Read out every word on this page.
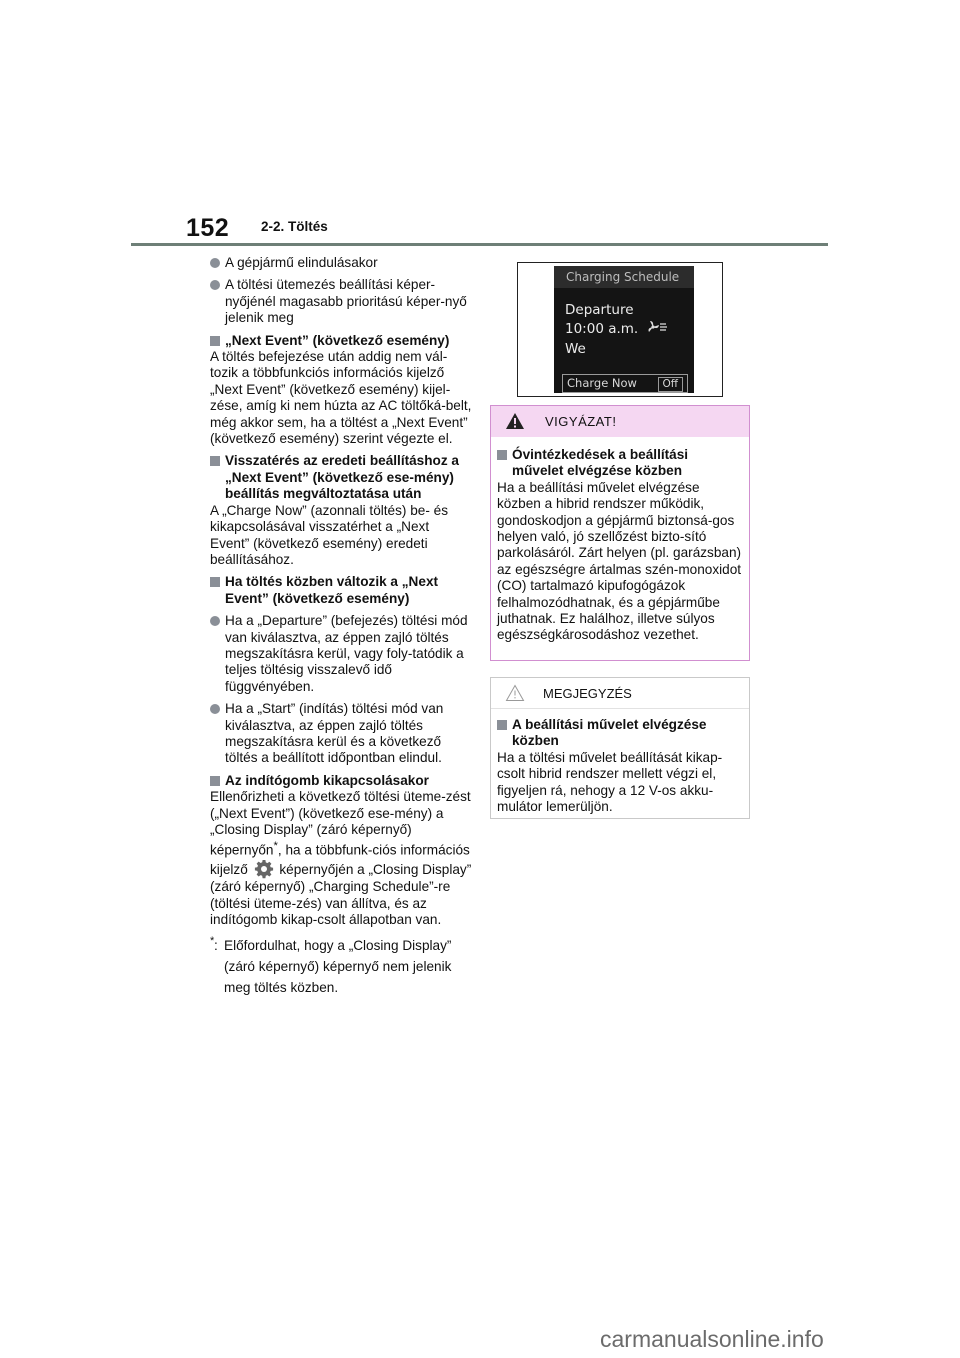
152 2-2. Töltés
A gépjármű elindulásakor
A töltési ütemezés beállítási képer-nyőjénél magasabb prioritású képer-nyő jelenik meg
„Next Event” (következő esemény)
A töltés befejezése után addig nem vál-tozik a többfunkciós információs kijelző „Next Event” (következő esemény) kijel-zése, amíg ki nem húzta az AC töltőká-belt, még akkor sem, ha a töltést a „Next Event” (következő esemény) szerint végezte el.
Visszatérés az eredeti beállításhoz a „Next Event” (következő ese-mény) beállítás megváltoztatása után
A „Charge Now” (azonnali töltés) be- és kikapcsolásával visszatérhet a „Next Event” (következő esemény) eredeti beállításához.
Ha töltés közben változik a „Next Event” (következő esemény)
Ha a „Departure” (befejezés) töltési mód van kiválasztva, az éppen zajló töltés megszakításra kerül, vagy foly-tatódik a teljes töltésig visszalevő idő függvényében.
Ha a „Start” (indítás) töltési mód van kiválasztva, az éppen zajló töltés megszakításra kerül és a következő töltés a beállított időpontban elindul.
Az indítógomb kikapcsolásakor
Ellenőrizheti a következő töltési üteme-zést („Next Event”) (következő ese-mény) a „Closing Display” (záró képernyő) képernyőn*, ha a többfunk-ciós információs kijelző képernyőjén a „Closing Display” (záró képernyő) „Charging Schedule”-re (töltési üteme-zés) van állítva, és az indítógomb kikap-csolt állapotban van.
* : Előfordulhat, hogy a „Closing Display” (záró képernyő) képernyő nem jelenik meg töltés közben.
Charging Schedule
Departure
10:00 a.m.
We
Charge Now	Off
VIGYÁZAT!
Óvintézkedések a beállítási művelet elvégzése közben
Ha a beállítási művelet elvégzése közben a hibrid rendszer működik, gondoskodjon a gépjármű biztonsá-gos helyen való, jó szellőzést bizto-sító parkolásáról. Zárt helyen (pl. garázsban) az egészségre ártalmas szén-monoxidot (CO) tartalmazó kipufogógázok felhalmozódhatnak, és a gépjárműbe juthatnak. Ez halálhoz, illetve súlyos egészségkárosodáshoz vezethet.
MEGJEGYZÉS
A beállítási művelet elvégzése közben
Ha a töltési művelet beállítását kikap-csolt hibrid rendszer mellett végzi el, figyeljen rá, nehogy a 12 V-os akku-mulátor lemerüljön.
carmanualsonline.info
